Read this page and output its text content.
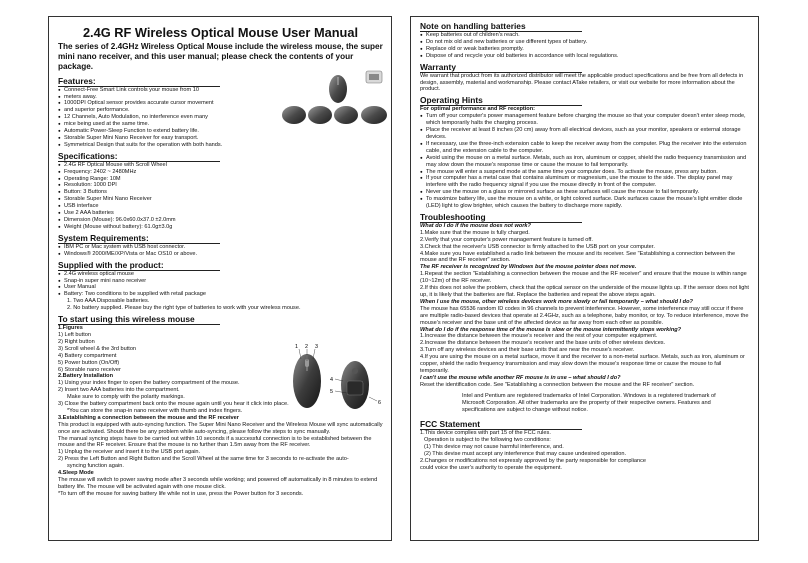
2.4G RF Wireless Optical Mouse User Manual
The series of 2.4GHz Wireless Optical Mouse include the wireless mouse, the super mini nano receiver, and this user manual; please check the contents of your package.
Features:
● Connect-Free Smart Link controls your mouse from 10
● meters away.
● 1000DPI Optical sensor provides accurate cursor movement
● and superior performance.
● 12 Channels, Auto Modulation, no interference even many
● mice being used at the same time.
● Automatic Power-Sleep Function to extend battery life.
● Storable Super Mini Nano Receiver for easy transport.
● Symmetrical Design that suits for the operation with both hands.
Specifications:
● 2.4G RF Optical Mouse with Scroll Wheel
● Frequency: 2402 ~ 2480MHz
● Operating Range: 10M
● Resolution: 1000 DPI
● Button: 3 Buttons
● Storable Super Mini Nano Receiver
● USB interface
● Use 2 AAA batteries
● Dimension (Mouse): 96.0x60.0x37.0 ±2.0mm
● Weight (Mouse without battery): 61.0g±3.0g
System Requirements:
● IBM PC or Mac system with USB host connector.
● Windows® 2000/ME/XP/Vista or Mac OS10 or above.
Supplied with the product:
● 2.4G wireless optical mouse
● Snap-in super mini nano receiver
● User Manual
● Battery: Two conditions to be supplied with retail package

1. Two AAA Disposable batteries.

2. No battery supplied. Please buy the right type of batteries to work with your wireless mouse.

To start using this wireless mouse

1.Figures

1) Left button

2) Right button

3) Scroll wheel & the 3rd button

4) Battery compartment

5) Power button (On/Off)

6) Storable nano receiver

2.Battery Installation

1) Using your index finger to open the battery compartment of the mouse.

2) Insert two AAA batteries into the compartment.

Make sure to comply with the polarity markings.

3) Close the battery compartment back onto the mouse again until you hear it click into place.

*You can store the snap-in nano receiver with thumb and index fingers.

3.Establishing a connection between the mouse and the RF receiver

This product is equipped with auto-syncing function. The Super Mini Nano Receiver and the Wireless Mouse will sync automatically once are activated. Should there be any problem while auto-syncing, please follow the steps to sync manually.

The manual syncing steps have to be carried out within 10 seconds if a successful connection is to be established between the mouse and the RF receiver. Ensure that the mouse is no further than 1.5m away from the RF receiver.

1) Unplug the receiver and insert it to the USB port again.

2) Press the Left Button and Right Button and the Scroll Wheel at the same time for 3 seconds to re-activate the auto-

syncing function again.

4.Sleep Mode

The mouse will switch to power saving mode after 3 seconds while working; and powered off automatically in 8 minutes to extend battery life. The mouse will be activated again with one mouse click.

*To turn off the mouse for saving battery life while not in use, press the Power button for 3 seconds.

1 2 3
4
5
6
Note on handling batteries
● Keep batteries out of children's reach.
● Do not mix old and new batteries or use different types of battery.
● Replace old or weak batteries promptly.
● Dispose of and recycle your old batteries in accordance with local regulations.
Warranty

We warrant that product from its authorized distributor will meet the applicable product specifications and be free from all defects in design, assembly, material and workmanship. Please contact ATake retailers, or visit our website for more information about the product.

Operating Hints

For optimal performance and RF reception:

● Turn off your computer's power management feature before charging the mouse so that your computer doesn't enter sleep mode, which temporarily halts the charging process.
● Place the receiver at least 8 inches (20 cm) away from all electrical devices, such as your monitor, speakers or external storage devices.
● If necessary, use the three-inch extension cable to keep the receiver away from the computer. Plug the receiver into the extension cable, and the extension cable to the computer.
● Avoid using the mouse on a metal surface. Metals, such as iron, aluminum or copper, shield the radio frequency transmission and may slow down the mouse's response time or cause the mouse to fail temporarily.
● The mouse will enter a suspend mode at the same time your computer does. To activate the mouse, press any button.
● If your computer has a metal case that contains aluminum or magnesium, use the mouse to the side. The display panel may interfere with the radio frequency signal if you use the mouse directly in front of the computer.
● Never use the mouse on a glass or mirrored surface as these surfaces will cause the mouse to fail temporarily.
● To maximize battery life, use the mouse on a white, or light colored surface. Dark surfaces cause the mouse's light emitter diode (LED) light to glow brighter, which causes the battery to discharge more rapidly.
Troubleshooting

What do I do if the mouse does not work?

1.Make sure that the mouse is fully charged.

2.Verify that your computer's power management feature is turned off.

3.Check that the receiver's USB connector is firmly attached to the USB port on your computer.

4.Make sure you have established a radio link between the mouse and its receiver. See "Establishing a connection between the mouse and the RF receiver" section.

The RF receiver is recognized by Windows but the mouse pointer does not move.

1.Repeat the section "Establishing a connection between the mouse and the RF receiver" and ensure that the mouse is within range (10~12m) of the RF receiver.

2.If this does not solve the problem, check that the optical sensor on the underside of the mouse lights up. If the sensor does not light up, it is likely that the batteries are flat. Replace the batteries and repeat the above steps again.

When I use the mouse, other wireless devices work more slowly or fail temporarily – what should I do?

The mouse has 65536 random ID codes in 96 channels to prevent interference. However, some interference may still occur if there are multiple radio-based devices that operate at 2.4GHz, such as a telephone, baby monitor, or toy. To reduce interference, move the mouse's receiver and the base unit of the affected device as far away from each other as possible.

What do I do if the response time of the mouse is slow or the mouse intermittently stops working?

1.Increase the distance between the mouse's receiver and the rest of your computer equipment.

2.Increase the distance between the mouse's receiver and the base units of other wireless devices.

3.Turn off any wireless devices and their base units that are near the mouse's receiver.

4.If you are using the mouse on a metal surface, move it and the receiver to a non-metal surface. Metals, such as iron, aluminum or copper, shield the radio frequency transmission and may slow down the mouse's response time or cause the mouse to fail temporarily.

I can't use the mouse while another RF mouse is in use – what should I do?

Reset the identification code. See "Establishing a connection between the mouse and the RF receiver" section.

Intel and Pentium are registered trademarks of Intel Corporation. Windows is a registered trademark of Microsoft Corporation. All other trademarks are the property of their respective owners. Features and specifications are subject to change without notice.

FCC Statement

1.This device complies with part 15 of the FCC rules.

Operation is subject to the following two conditions:

(1) This device may not cause harmful interference, and.

(2) This devise must accept any interference that may cause undesired operation.

2.Changes or modifications not expressly approved by the party responsible for compliance

could voice the user's authority to operate the equipment.
